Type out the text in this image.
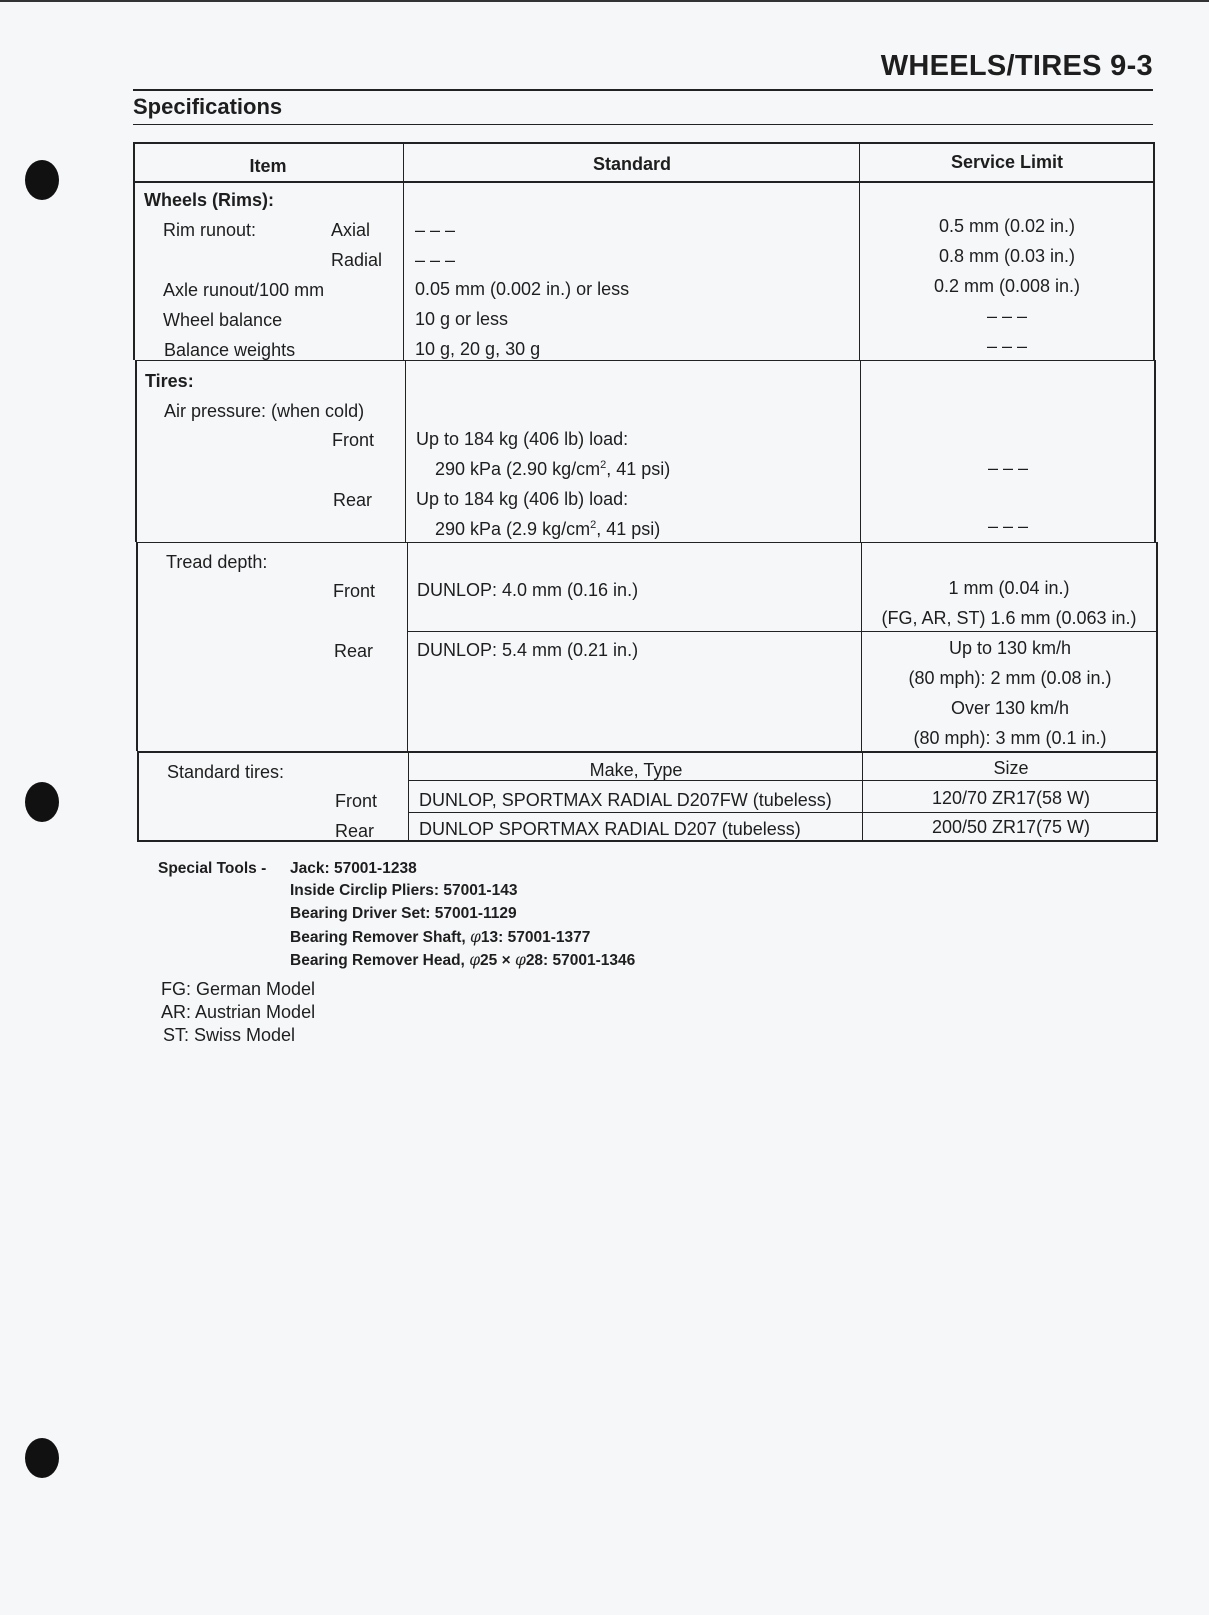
WHEELS/TIRES 9-3
Specifications
Item	Standard	Service Limit
Wheels (Rims):
Rim runout:	Axial – – –	0.5 mm (0.02 in.)
Radial – – –	0.8 mm (0.03 in.)
Axle runout/100 mm	0.05 mm (0.002 in.) or less	0.2 mm (0.008 in.)
Wheel balance	10 g or less	– – –
Balance weights	10 g, 20 g, 30 g	– – –
Tires:
Air pressure: (when cold)
Front Up to 184 kg (406 lb) load:
290 kPa (2.90 $kg/cm^2$, 41 psi)	– – –
Rear Up to 184 kg (406 lb) load:
290 kPa (2.9 $kg/cm^2$, 41 psi)	– – –
Tread depth:
Front DUNLOP: 4.0 mm (0.16 in.)	1 mm (0.04 in.)
(FG, AR, ST) 1.6 mm (0.063 in.)
Rear DUNLOP: 5.4 mm (0.21 in.)	Up to 130 km/h
(80 mph): 2 mm (0.08 in.)
Over 130 km/h
(80 mph): 3 mm (0.1 in.)
Standard tires:	Make, Type	Size
Front DUNLOP, SPORTMAX RADIAL D207FW (tubeless)	120/70 ZR17(58 W)
Rear DUNLOP SPORTMAX RADIAL D207 (tubeless)	200/50 ZR17(75 W)
Special Tools - Jack: 57001-1238
Inside Circlip Pliers: 57001-143
Bearing Driver Set: 57001-1129
Bearing Remover Shaft, φ13: 57001-1377
Bearing Remover Head, φ25 × φ28: 57001-1346
FG: German Model
AR: Austrian Model
ST: Swiss Model
